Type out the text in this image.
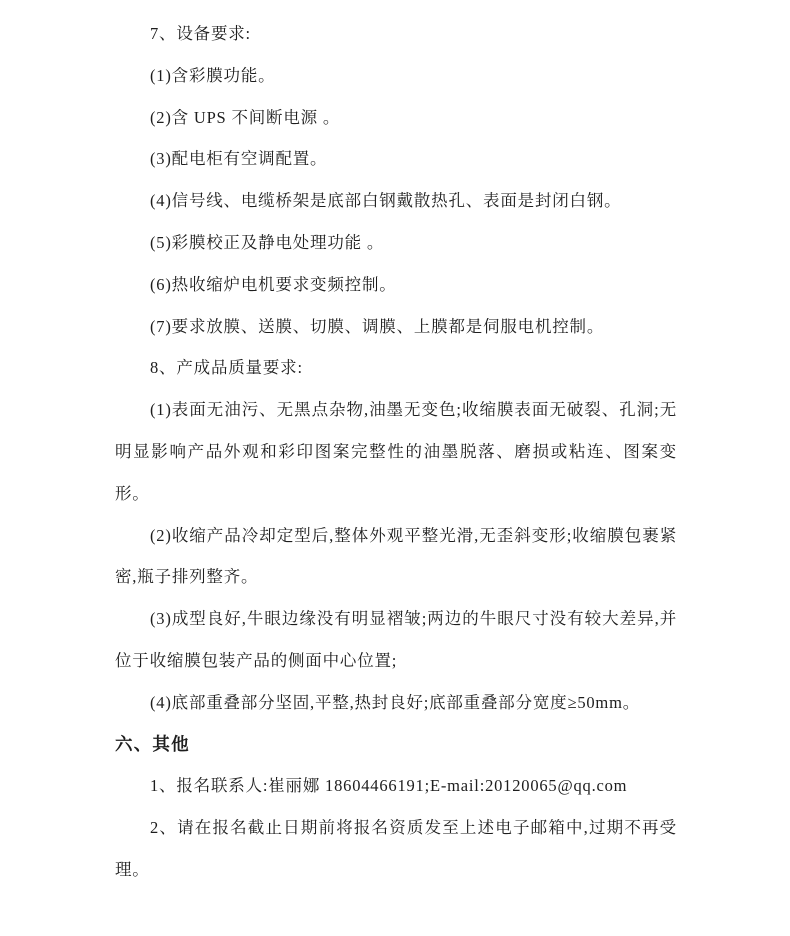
7、设备要求:

(1)含彩膜功能。

(2)含 UPS 不间断电源 。

(3)配电柜有空调配置。

(4)信号线、电缆桥架是底部白钢戴散热孔、表面是封闭白钢。

(5)彩膜校正及静电处理功能 。

(6)热收缩炉电机要求变频控制。

(7)要求放膜、送膜、切膜、调膜、上膜都是伺服电机控制。

8、产成品质量要求:

(1)表面无油污、无黑点杂物,油墨无变色;收缩膜表面无破裂、孔洞;无明显影响产品外观和彩印图案完整性的油墨脱落、磨损或粘连、图案变形。

(2)收缩产品冷却定型后,整体外观平整光滑,无歪斜变形;收缩膜包裹紧密,瓶子排列整齐。

(3)成型良好,牛眼边缘没有明显褶皱;两边的牛眼尺寸没有较大差异,并位于收缩膜包装产品的侧面中心位置;

(4)底部重叠部分坚固,平整,热封良好;底部重叠部分宽度≥50mm。

六、其他

1、报名联系人:崔丽娜 18604466191;E-mail:20120065@qq.com

2、请在报名截止日期前将报名资质发至上述电子邮箱中,过期不再受理。
